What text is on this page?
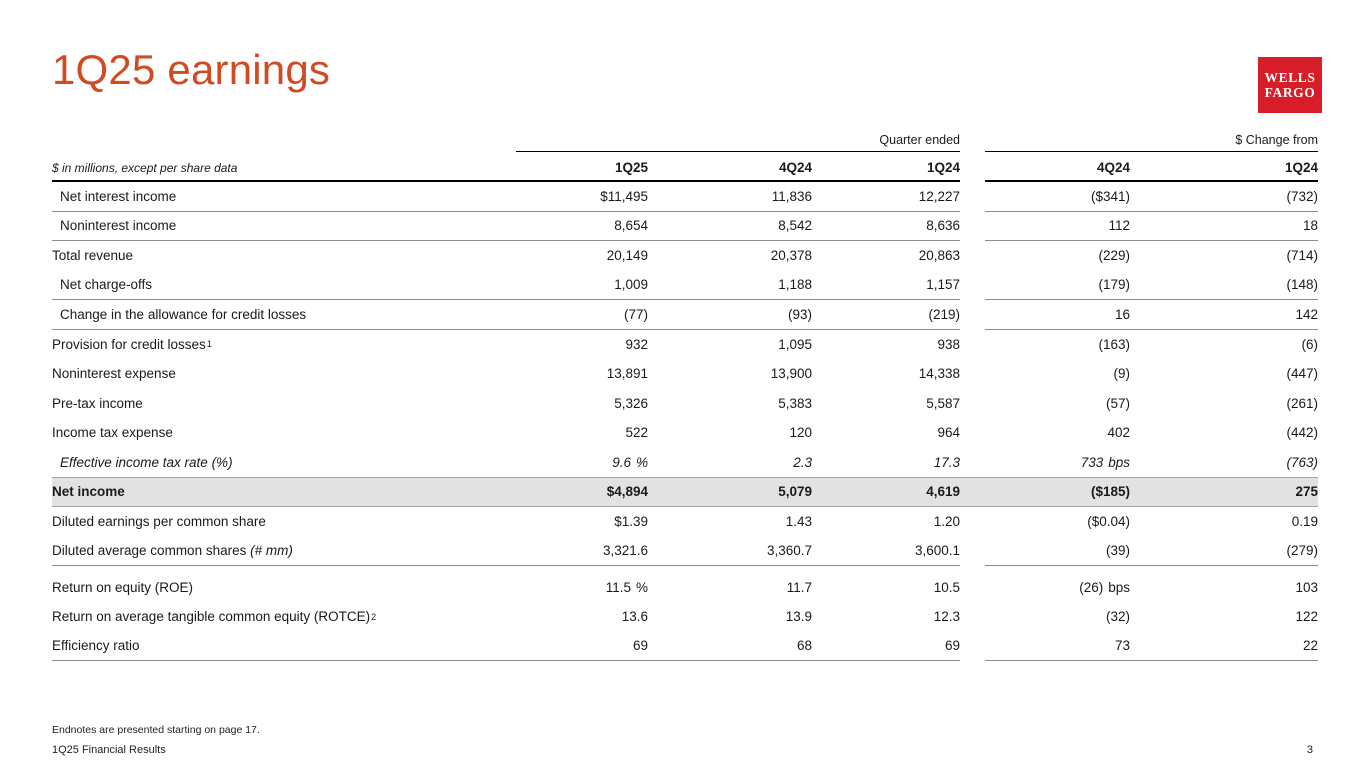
1Q25 earnings	WELLS
FARGO
Quarter ended	$ Change from
$ in millions, except per share data	1Q25	4Q24	1Q24	4Q24	1Q24
Net interest income	$11,495	11,836	12,227	($341)	(732)
Noninterest income	8,654	8,542	8,636	112	18
Total revenue	20,149	20,378	20,863	(229)	(714)
Net charge-offs	1,009	1,188	1,157	(179)	(148)
Change in the allowance for credit losses	(77)	(93)	(219)	16	142
Provision for credit losses 1	932	1,095	938	(163)	(6)
Noninterest expense	13,891	13,900	14,338	(9)	(447)
Pre-tax income	5,326	5,383	5,587	(57)	(261)
Income tax expense	522	120	964	402	(442)
Effective income tax rate (%)	9.6 %	2.3	17.3	733 bps	(763)
Net income	$4,894	5,079	4,619	($185)	275
Diluted earnings per common share	$1.39	1.43	1.20	($0.04)	0.19
Diluted average common shares (# mm)	3,321.6	3,360.7	3,600.1	(39)	(279)
Return on equity (ROE)	11.5 %	11.7	10.5	(26) bps	103
Return on average tangible common equity (ROTCE) 2	13.6	13.9	12.3	(32)	122
Efficiency ratio	69	68	69	73	22
Endnotes are presented starting on page 17.
1Q25 Financial Results	3
